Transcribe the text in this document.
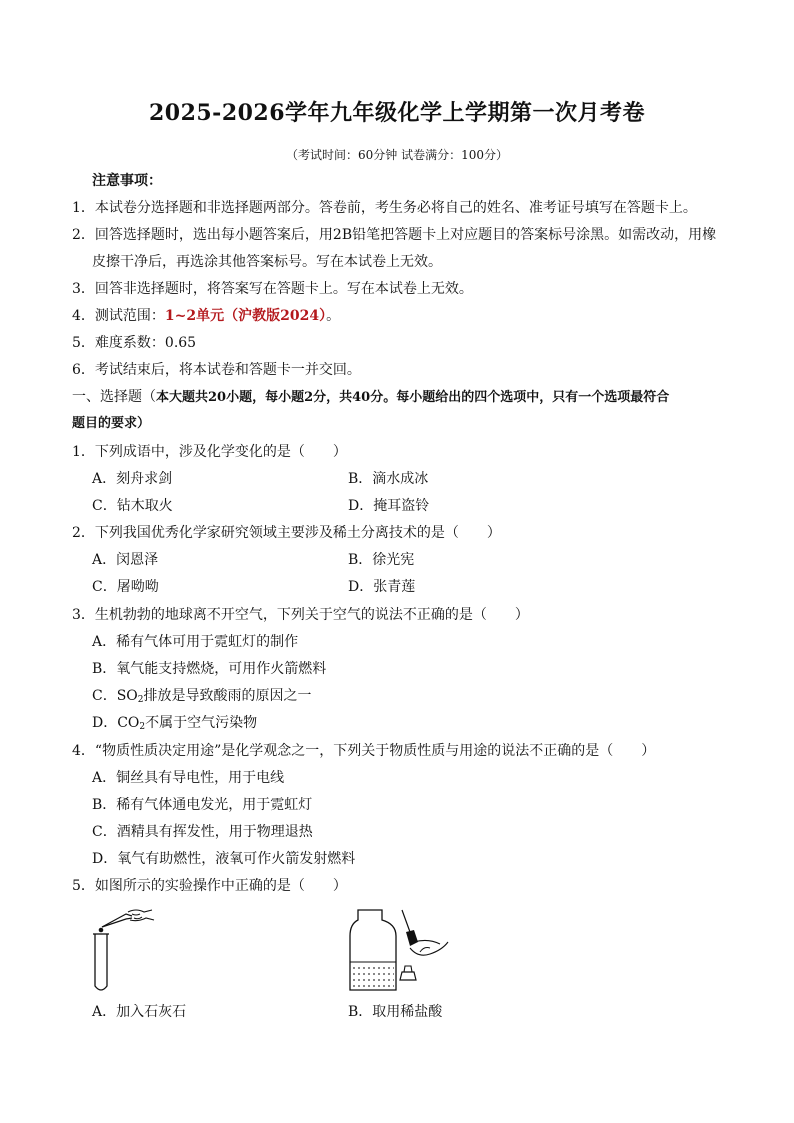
2025-2026学年九年级化学上学期第一次月考卷
（考试时间：60分钟 试卷满分：100分）
注意事项：
1．本试卷分选择题和非选择题两部分。答卷前，考生务必将自己的姓名、准考证号填写在答题卡上。
2．回答选择题时，选出每小题答案后，用2B铅笔把答题卡上对应题目的答案标号涂黑。如需改动，用橡
皮擦干净后，再选涂其他答案标号。写在本试卷上无效。
3．回答非选择题时，将答案写在答题卡上。写在本试卷上无效。
4．测试范围：1~2单元（沪教版2024）。
5．难度系数：0.65
6．考试结束后，将本试卷和答题卡一并交回。
一、选择题（本大题共20小题，每小题2分，共40分。每小题给出的四个选项中，只有一个选项最符合
题目的要求）
1．下列成语中，涉及化学变化的是（　　）
A．刻舟求剑	B．滴水成冰
C．钻木取火	D．掩耳盗铃
2．下列我国优秀化学家研究领域主要涉及稀土分离技术的是（　　）
A．闵恩泽	B．徐光宪
C．屠呦呦	D．张青莲
3．生机勃勃的地球离不开空气，下列关于空气的说法不正确的是（　　）
A．稀有气体可用于霓虹灯的制作
B．氧气能支持燃烧，可用作火箭燃料
C．$SO_2$排放是导致酸雨的原因之一
D．$CO_2$不属于空气污染物
4．“物质性质决定用途”是化学观念之一，下列关于物质性质与用途的说法不正确的是（　　）
A．铜丝具有导电性，用于电线
B．稀有气体通电发光，用于霓虹灯
C．酒精具有挥发性，用于物理退热
D．氧气有助燃性，液氧可作火箭发射燃料
5．如图所示的实验操作中正确的是（　　）
A．加入石灰石	B．取用稀盐酸
